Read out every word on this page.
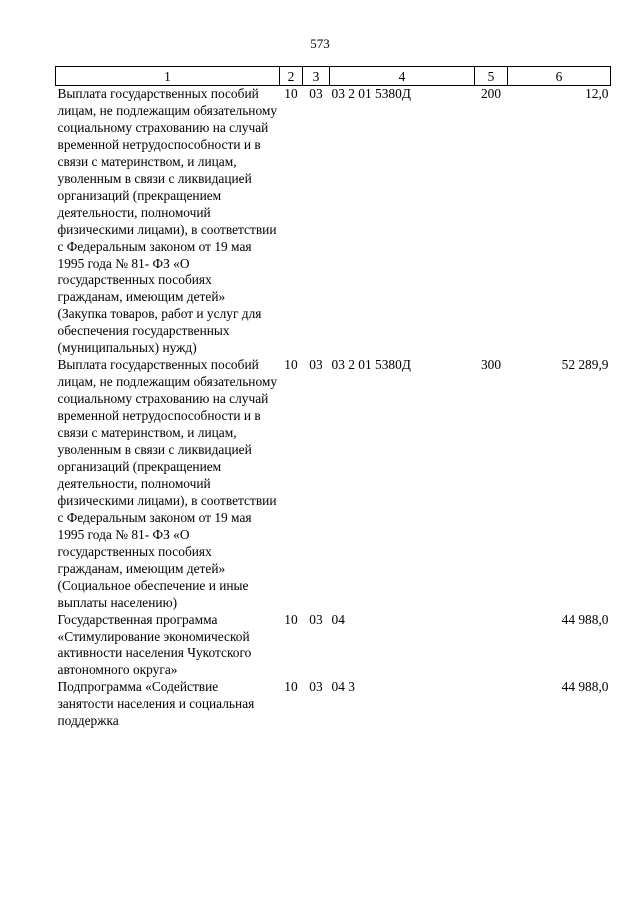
573
1	2	3	4	5	6
Выплата государственных пособий лицам, не подлежащим обязательному социальному страхованию на случай временной нетрудоспособности и в связи с материнством, и лицам, уволенным в связи с ликвидацией организаций (прекращением деятельности, полномочий физическими лицами), в соответствии с Федеральным законом от 19 мая 1995 года № 81- ФЗ «О государственных пособиях гражданам, имеющим детей» (Закупка товаров, работ и услуг для обеспечения государственных (муниципальных) нужд)	10	03	03 2 01 5380Д	200	12,0
Выплата государственных пособий лицам, не подлежащим обязательному социальному страхованию на случай временной нетрудоспособности и в связи с материнством, и лицам, уволенным в связи с ликвидацией организаций (прекращением деятельности, полномочий физическими лицами), в соответствии с Федеральным законом от 19 мая 1995 года № 81- ФЗ «О государственных пособиях гражданам, имеющим детей» (Социальное обеспечение и иные выплаты населению)	10	03	03 2 01 5380Д	300	52 289,9
Государственная программа «Стимулирование экономической активности населения Чукотского автономного округа»	10	03	04		44 988,0
Подпрограмма «Содействие занятости населения и социальная поддержка	10	03	04 3		44 988,0
